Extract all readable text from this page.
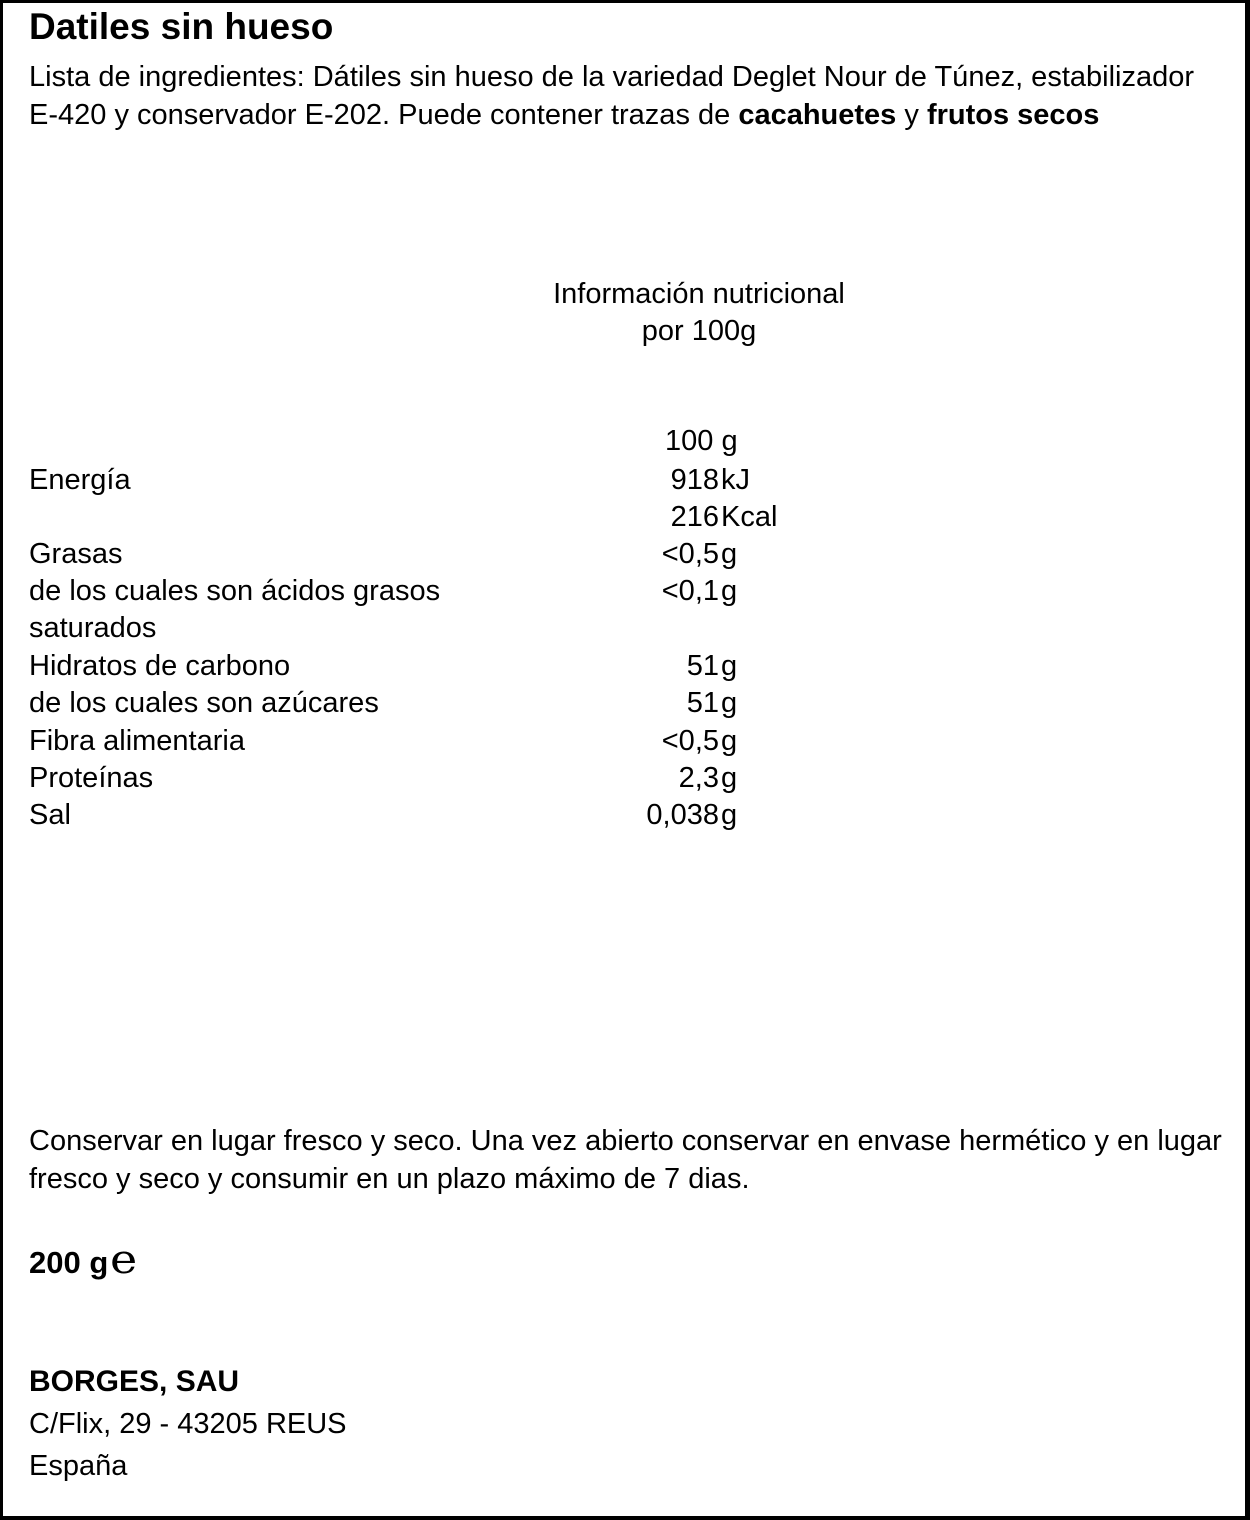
Datiles sin hueso
Lista de ingredientes: Dátiles sin hueso de la variedad Deglet Nour de Túnez, estabilizador E-420 y conservador E-202. Puede contener trazas de cacahuetes y frutos secos
Información nutricional
por 100g
100 g
Energía	918 kJ
216 Kcal
Grasas	<0,5 g
de los cuales son ácidos grasos	<0,1 g
saturados
Hidratos de carbono	51 g
de los cuales son azúcares	51 g
Fibra alimentaria	<0,5 g
Proteínas	2,3 g
Sal	0,038 g
Conservar en lugar fresco y seco. Una vez abierto conservar en envase hermético y en lugar fresco y seco y consumir en un plazo máximo de 7 dias.
200 ge
BORGES, SAU
C/Flix, 29 - 43205 REUS
España
